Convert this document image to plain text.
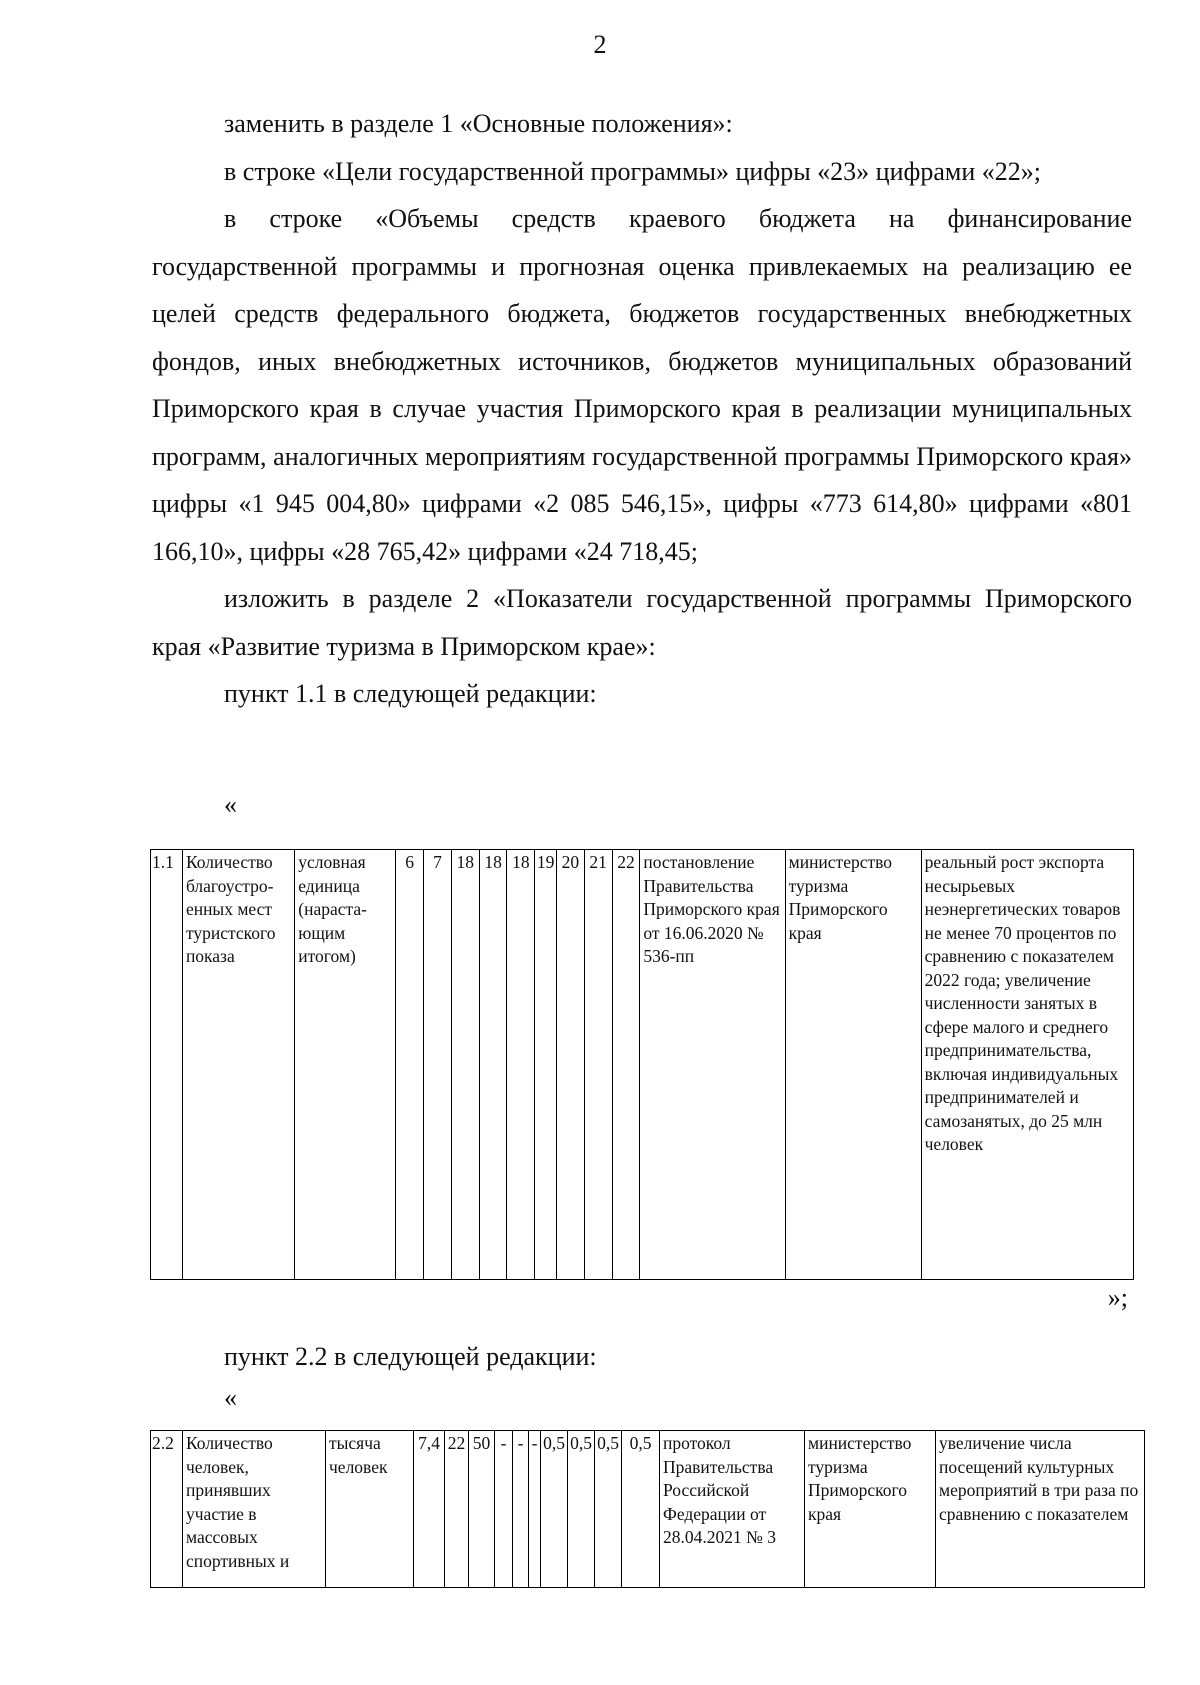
2

заменить в разделе 1 «Основные положения»:

в строке «Цели государственной программы» цифры «23» цифрами «22»;

в строке «Объемы средств краевого бюджета на финансирование государственной программы и прогнозная оценка привлекаемых на реализацию ее целей средств федерального бюджета, бюджетов государственных внебюджетных фондов, иных внебюджетных источников, бюджетов муниципальных образований Приморского края в случае участия Приморского края в реализации муниципальных программ, аналогичных мероприятиям государственной программы Приморского края» цифры «1 945 004,80» цифрами «2 085 546,15», цифры «773 614,80» цифрами «801 166,10», цифры «28 765,42» цифрами «24 718,45;

изложить в разделе 2 «Показатели государственной программы Приморского края «Развитие туризма в Приморском крае»:

пункт 1.1 в следующей редакции:

«
1.1	Количество благоустро-енных мест туристского показа	условная единица (нараста-ющим итогом)	6	7	18	18	18	19	20	21	22	постановление Правительства Приморского края от 16.06.2020 № 536-пп	министерство туризма Приморского края	реальный рост экспорта несырьевых неэнергетических товаров не менее 70 процентов по сравнению с показателем 2022 года; увеличение численности занятых в сфере малого и среднего предпринимательства, включая индивидуальных предпринимателей и самозанятых, до 25 млн человек
»;

пункт 2.2 в следующей редакции:

«
2.2	Количество человек, принявших участие в массовых спортивных и	тысяча человек	7,4	22	50	-	-	-	0,5	0,5	0,5	0,5	протокол Правительства Российской Федерации от 28.04.2021 № 3	министерство туризма Приморского края	увеличение числа посещений культурных мероприятий в три раза по сравнению с показателем
